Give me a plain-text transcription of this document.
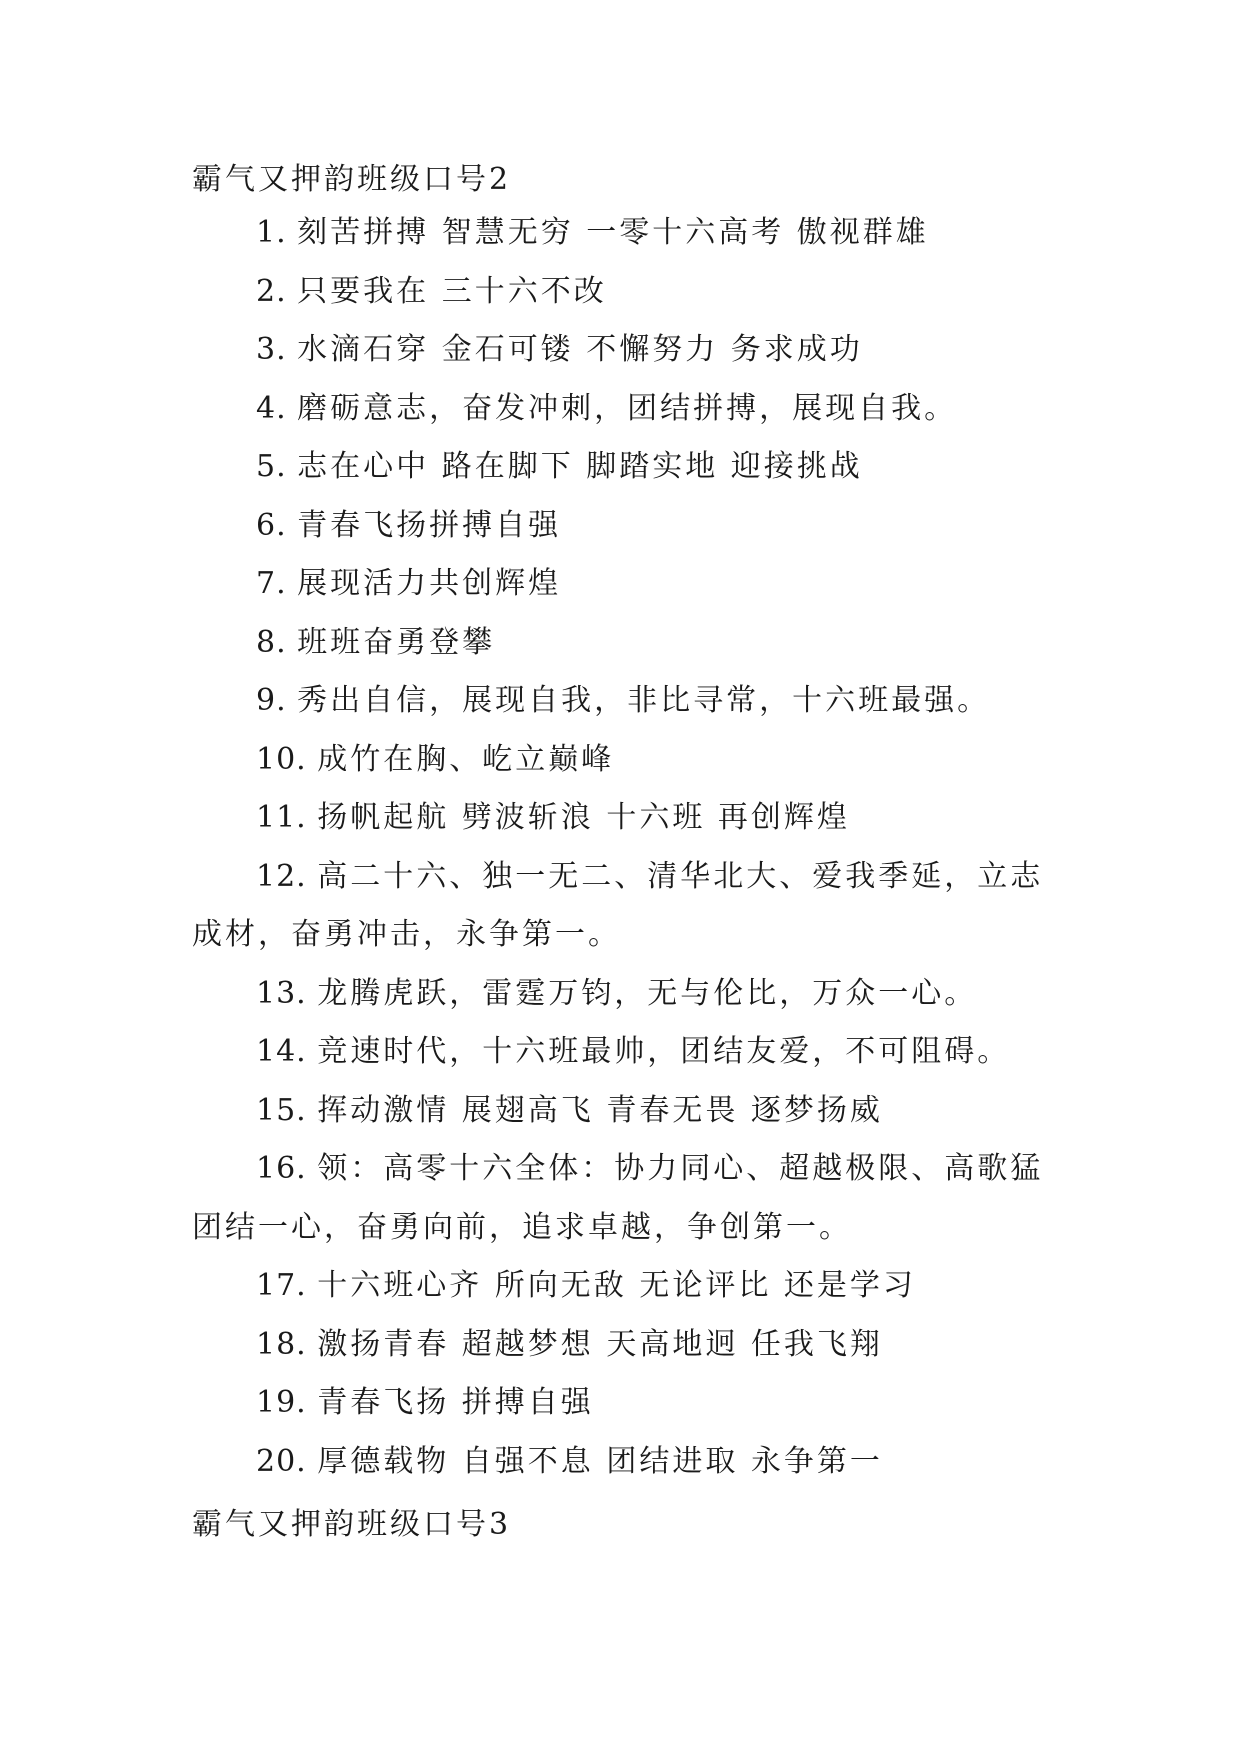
霸气又押韵班级口号2

1. 刻苦拼搏 智慧无穷 一零十六高考 傲视群雄
2. 只要我在 三十六不改
3. 水滴石穿 金石可镂 不懈努力 务求成功
4. 磨砺意志，奋发冲刺，团结拼搏，展现自我。
5. 志在心中 路在脚下 脚踏实地 迎接挑战
6. 青春飞扬拼搏自强
7. 展现活力共创辉煌
8. 班班奋勇登攀
9. 秀出自信，展现自我，非比寻常，十六班最强。
10. 成竹在胸、屹立巅峰
11. 扬帆起航 劈波斩浪 十六班 再创辉煌
12. 高二十六、独一无二、清华北大、爱我季延，立志成材，奋勇冲击，永争第一。
13. 龙腾虎跃，雷霆万钧，无与伦比，万众一心。
14. 竞速时代，十六班最帅，团结友爱，不可阻碍。
15. 挥动激情 展翅高飞 青春无畏 逐梦扬威
16. 领：高零十六全体：协力同心、超越极限、高歌猛团结一心，奋勇向前，追求卓越，争创第一。
17. 十六班心齐 所向无敌 无论评比 还是学习
18. 激扬青春 超越梦想 天高地迥 任我飞翔
19. 青春飞扬 拼搏自强
20. 厚德载物 自强不息 团结进取 永争第一

霸气又押韵班级口号3
